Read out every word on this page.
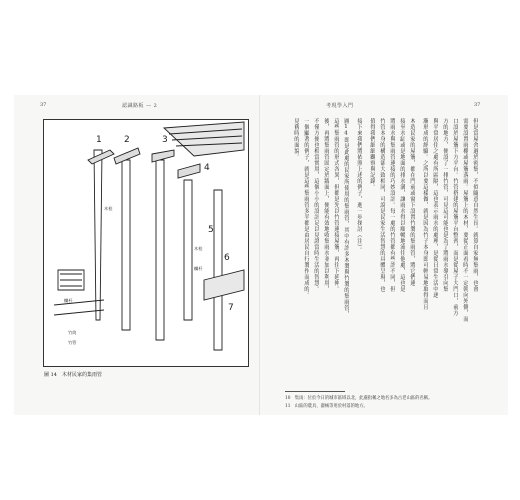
37	認識路板 — 2	考現學入門	37
1 2	3
4
5
6
7
木栓
木栓
欄杆
欄杆
竹筒
竹管
圖 14　木材民家的集雨管
但是當屋舍過於密集，不似隨意自然生長。就算自家無集雨，也會
需要設置雨棚或屋簷落雨。屋簷上的木材，要從正面看時不一定朝向外側，而
口設於屋簷下方平台。竹管搭建的屋簷平台整齊，而是從屋子大門口，前方
方的地方，便設了一排竹管，可見這可能也是為了將雨水導引向集
與平常居住之處有所區隔，這也表示雨水的處理，是從日常生活中逐
漸形成的經驗。之所以要這樣做，就是因為竹子本身即可輕易地取得而且
木造民家的屋簷，都在門前或窗下設置竹製的集雨管，將它們連
接至水缸或是地面的排水溝，讓雨水得以順暢地流往他處，這也是
將雨水與集雨管連接的巧妙設計。每一處的竹管都有些許不同，但
竹管本身的構造卻大致相同，可說是民家生活智慧的具體呈現，也
值得我們細細觀察與記錄。
接下來我們將依照上述的例子，進一步探討（注）。
圖14即是此處的民家所使用的集雨管，其中有許多木製與竹製的集雨管，
這些集雨管的形式各異，但都是先以竹管連接屋簷，再往下延伸。
後，再將集雨管固定於牆面上，便能有效地收集雨水並加以利用，
不僅方便也相當實用，這個小小的設計足以見證當時生活的智慧。
一個顯著的例子，就是這些集雨管多半都是由居民自行製作而成的。
見舊時的面貌。
10　集雨：位於今日的城市區域以北，此處指稱之地名多為古老山區的名稱。
11　山區的農具、器械等用於村落的地方。
